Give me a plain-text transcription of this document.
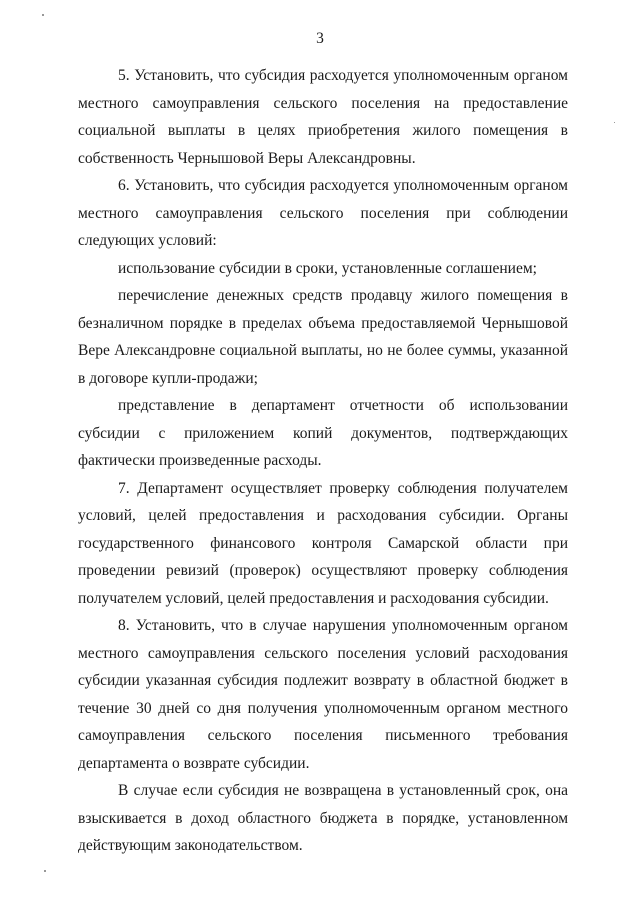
3

5. Установить, что субсидия расходуется уполномоченным органом местного самоуправления сельского поселения на предоставление социальной выплаты в целях приобретения жилого помещения в собственность Чернышовой Веры Александровны.

6. Установить, что субсидия расходуется уполномоченным органом местного самоуправления сельского поселения при соблюдении следующих условий:

использование субсидии в сроки, установленные соглашением;

перечисление денежных средств продавцу жилого помещения в безналичном порядке в пределах объема предоставляемой Чернышовой Вере Александровне социальной выплаты, но не более суммы, указанной в договоре купли-продажи;

представление в департамент отчетности об использовании субсидии с приложением копий документов, подтверждающих фактически произведенные расходы.

7. Департамент осуществляет проверку соблюдения получателем условий, целей предоставления и расходования субсидии. Органы государственного финансового контроля Самарской области при проведении ревизий (проверок) осуществляют проверку соблюдения получателем условий, целей предоставления и расходования субсидии.

8. Установить, что в случае нарушения уполномоченным органом местного самоуправления сельского поселения условий расходования субсидии указанная субсидия подлежит возврату в областной бюджет в течение 30 дней со дня получения уполномоченным органом местного самоуправления сельского поселения письменного требования департамента о возврате субсидии.

В случае если субсидия не возвращена в установленный срок, она взыскивается в доход областного бюджета в порядке, установленном действующим законодательством.
